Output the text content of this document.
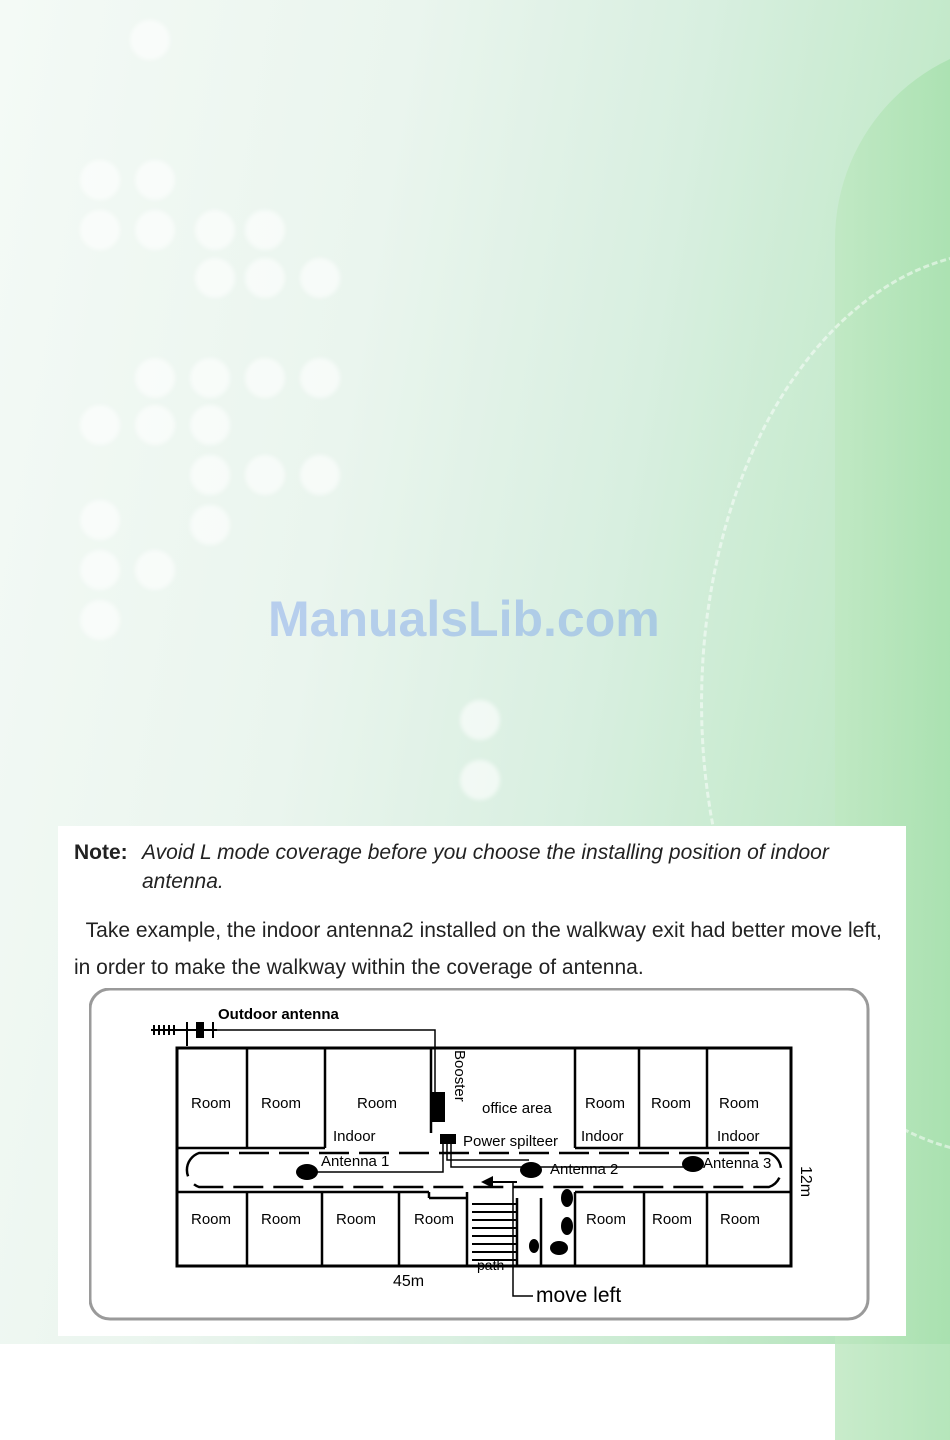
ManualsLib.com
Note: Avoid L mode coverage before you choose the installing position of indoor antenna.
Take example, the indoor antenna2 installed on the walkway exit had better move left, in order to make the walkway within the coverage of antenna.
Outdoor antenna
Booster
office area
Power spilteer
Antenna 1	Antenna 2	Antenna 3
Room Room	Room
Indoor
Room
Indoor
Room Room
Indoor
Room Room Room	Room	Room Room Room
path
45m
12m
move left
